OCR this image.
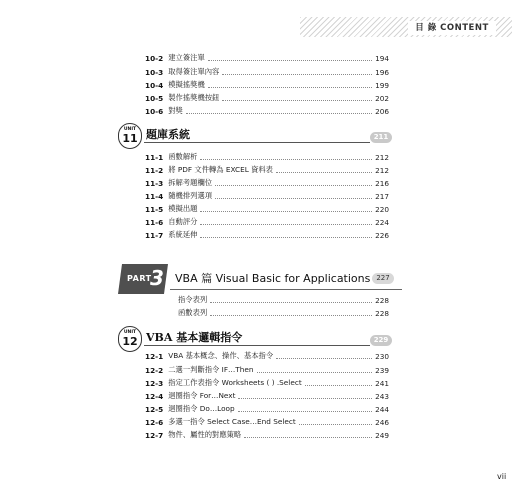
目 錄 CONTENT
10-2 建立簽注單	194
10-3 取得簽注單內容	196
10-4 模擬搖獎機	199
10-5 製作搖獎機按鈕	202
10-6 對獎	206
UNIT
11 題庫系統	211
11-1 函數解析	212
11-2 將 PDF 文件轉為 EXCEL 資料表	212
11-3 拆解考題欄位	216
11-4 隨機排列選項	217
11-5 模擬出題	220
11-6 自動評分	224
11-7 系統延伸	226
PART
3 VBA 篇 Visual Basic for Applications 227
指令表列	228
函數表列	228
UNIT
12 VBA 基本邏輯指令	229
12-1 VBA 基本概念、操作、基本指令	230
12-2 二選一判斷指令 IF…Then	239
12-3 指定工作表指令 Worksheets ( ) .Select	241
12-4 迴圈指令 For…Next	243
12-5 迴圈指令 Do…Loop	244
12-6 多選一指令 Select Case…End Select	246
12-7 物件、屬性的對應策略	249
vii
